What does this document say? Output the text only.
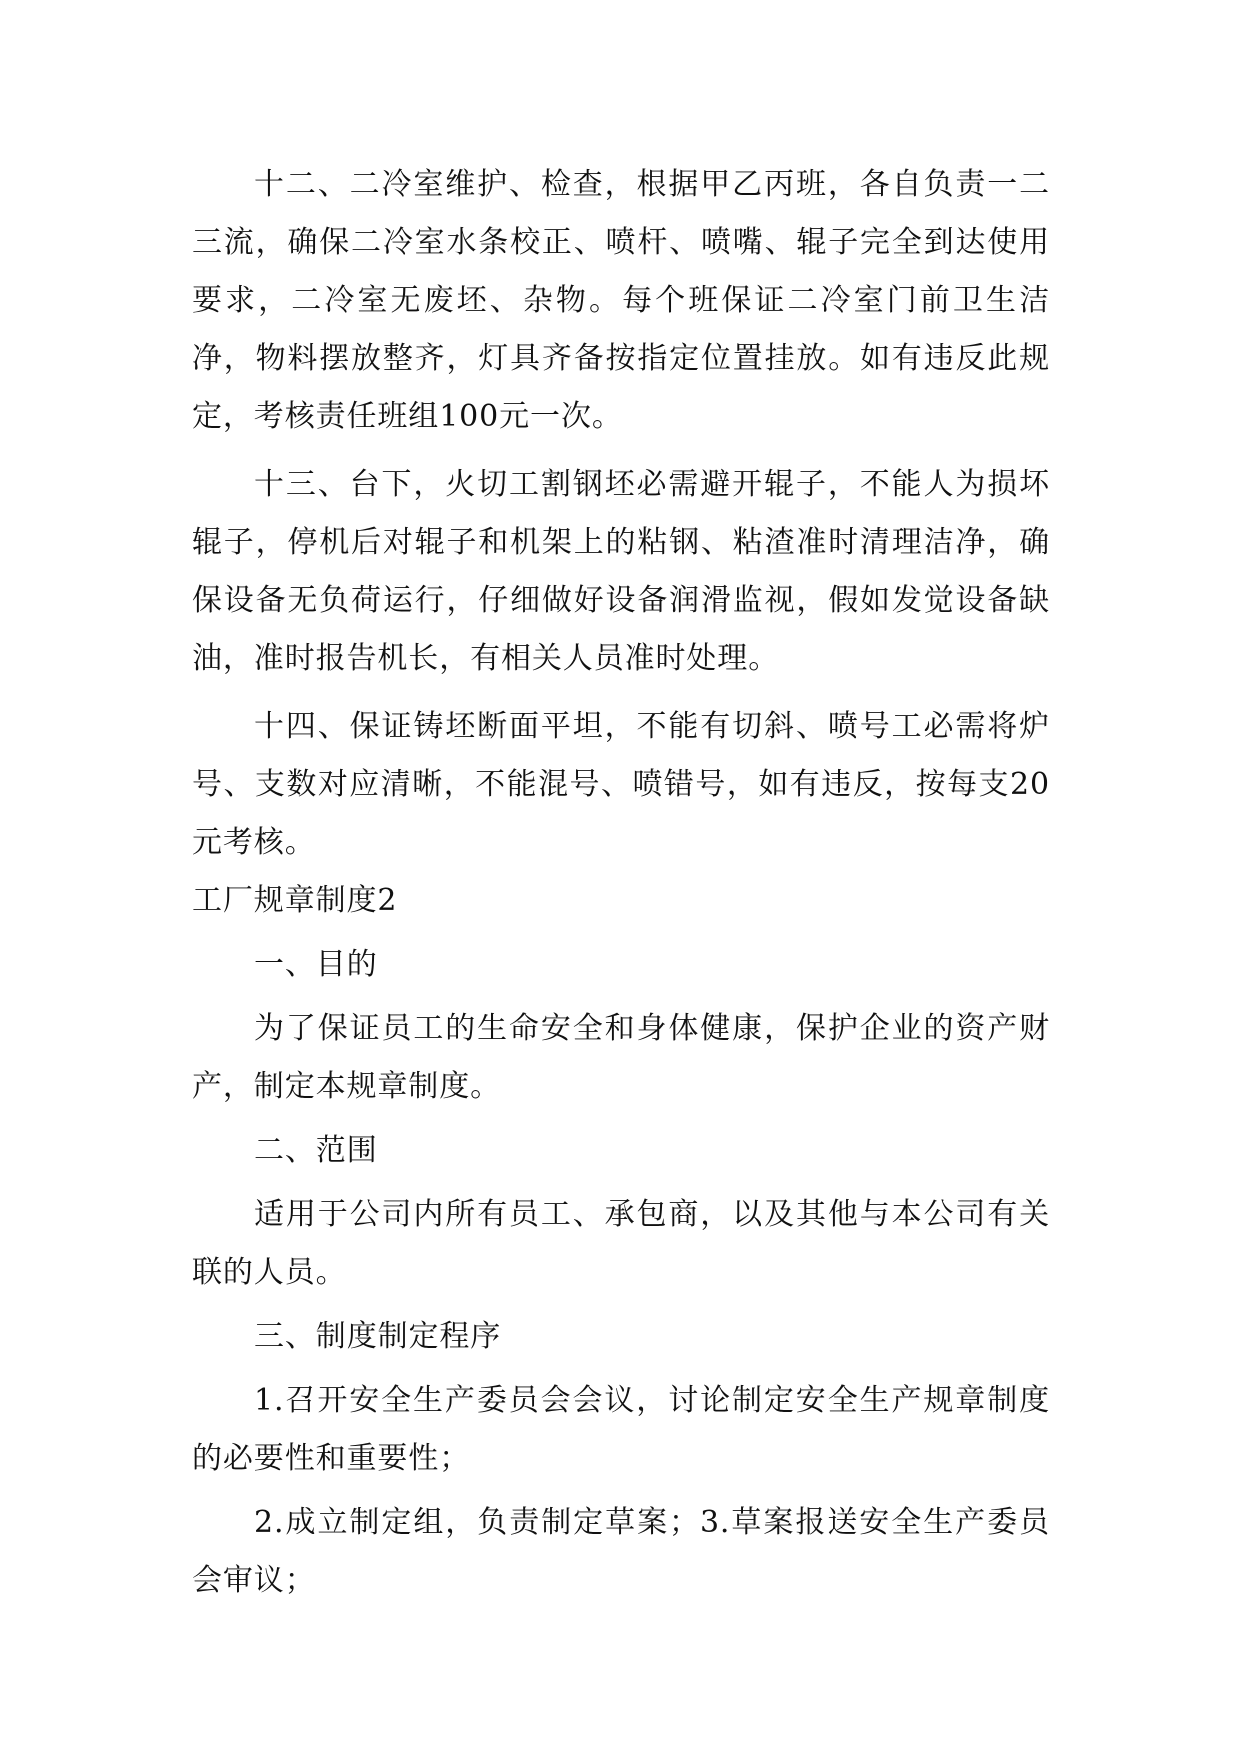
十二、二冷室维护、检查，根据甲乙丙班，各自负责一二三流，确保二冷室水条校正、喷杆、喷嘴、辊子完全到达使用要求，二冷室无废坯、杂物。每个班保证二冷室门前卫生洁净，物料摆放整齐，灯具齐备按指定位置挂放。如有违反此规定，考核责任班组100元一次。

十三、台下，火切工割钢坯必需避开辊子，不能人为损坏辊子，停机后对辊子和机架上的粘钢、粘渣准时清理洁净，确保设备无负荷运行，仔细做好设备润滑监视，假如发觉设备缺油，准时报告机长，有相关人员准时处理。

十四、保证铸坯断面平坦，不能有切斜、喷号工必需将炉号、支数对应清晰，不能混号、喷错号，如有违反，按每支20元考核。

工厂规章制度2

一、目的

为了保证员工的生命安全和身体健康，保护企业的资产财产，制定本规章制度。

二、范围

适用于公司内所有员工、承包商，以及其他与本公司有关联的人员。

三、制度制定程序

1.召开安全生产委员会会议，讨论制定安全生产规章制度的必要性和重要性；

2.成立制定组，负责制定草案；3.草案报送安全生产委员会审议；
